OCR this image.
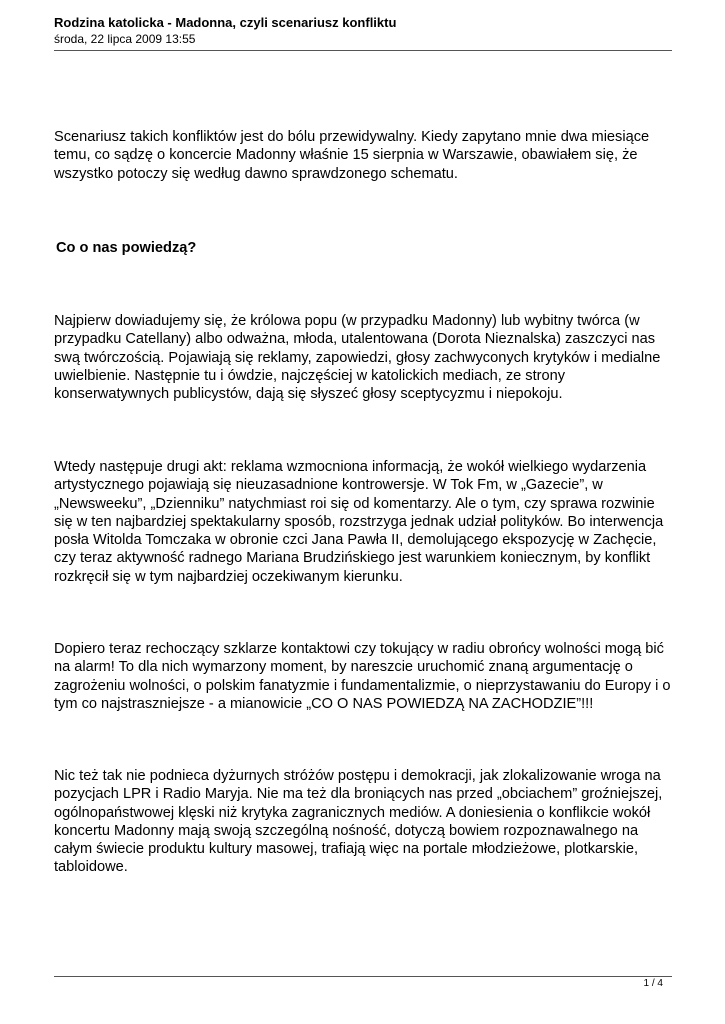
Rodzina katolicka - Madonna, czyli scenariusz konfliktu

środa, 22 lipca 2009 13:55

Scenariusz takich konfliktów jest do bólu przewidywalny. Kiedy zapytano mnie dwa miesiące temu, co sądzę o koncercie Madonny właśnie 15 sierpnia w Warszawie, obawiałem się, że wszystko potoczy się według dawno sprawdzonego schematu.

Co o nas powiedzą?

Najpierw dowiadujemy się, że królowa popu (w przypadku Madonny) lub wybitny twórca (w przypadku Catellany) albo odważna, młoda, utalentowana (Dorota Nieznalska) zaszczyci nas swą twórczością. Pojawiają się reklamy, zapowiedzi, głosy zachwyconych krytyków i medialne uwielbienie. Następnie tu i ówdzie, najczęściej w katolickich mediach, ze strony konserwatywnych publicystów, dają się słyszeć głosy sceptycyzmu i niepokoju.

Wtedy następuje drugi akt: reklama wzmocniona informacją, że wokół wielkiego wydarzenia artystycznego pojawiają się nieuzasadnione kontrowersje. W Tok Fm, w „Gazecie”, w „Newsweeku”, „Dzienniku” natychmiast roi się od komentarzy. Ale o tym, czy sprawa rozwinie się w ten najbardziej spektakularny sposób, rozstrzyga jednak udział polityków. Bo interwencja posła Witolda Tomczaka w obronie czci Jana Pawła II, demolującego ekspozycję w Zachęcie, czy teraz aktywność radnego Mariana Brudzińskiego jest warunkiem koniecznym, by konflikt rozkręcił się w tym najbardziej oczekiwanym kierunku.

Dopiero teraz rechoczący szklarze kontaktowi czy tokujący w radiu obrońcy wolności mogą bić na alarm! To dla nich wymarzony moment, by nareszcie uruchomić znaną argumentację o zagrożeniu wolności, o polskim fanatyzmie i fundamentalizmie, o nieprzystawaniu do Europy i o tym co najstraszniejsze - a mianowicie „CO O NAS POWIEDZĄ NA ZACHODZIE”!!!

Nic też tak nie podnieca dyżurnych stróżów postępu i demokracji, jak zlokalizowanie wroga na pozycjach LPR i Radio Maryja. Nie ma też dla broniących nas przed „obciachem” groźniejszej, ogólnopaństwowej klęski niż krytyka zagranicznych mediów. A doniesienia o konflikcie wokół koncertu Madonny mają swoją szczególną nośność, dotyczą bowiem rozpoznawalnego na całym świecie produktu kultury masowej, trafiają więc na portale młodzieżowe, plotkarskie, tabloidowe.

1 / 4
